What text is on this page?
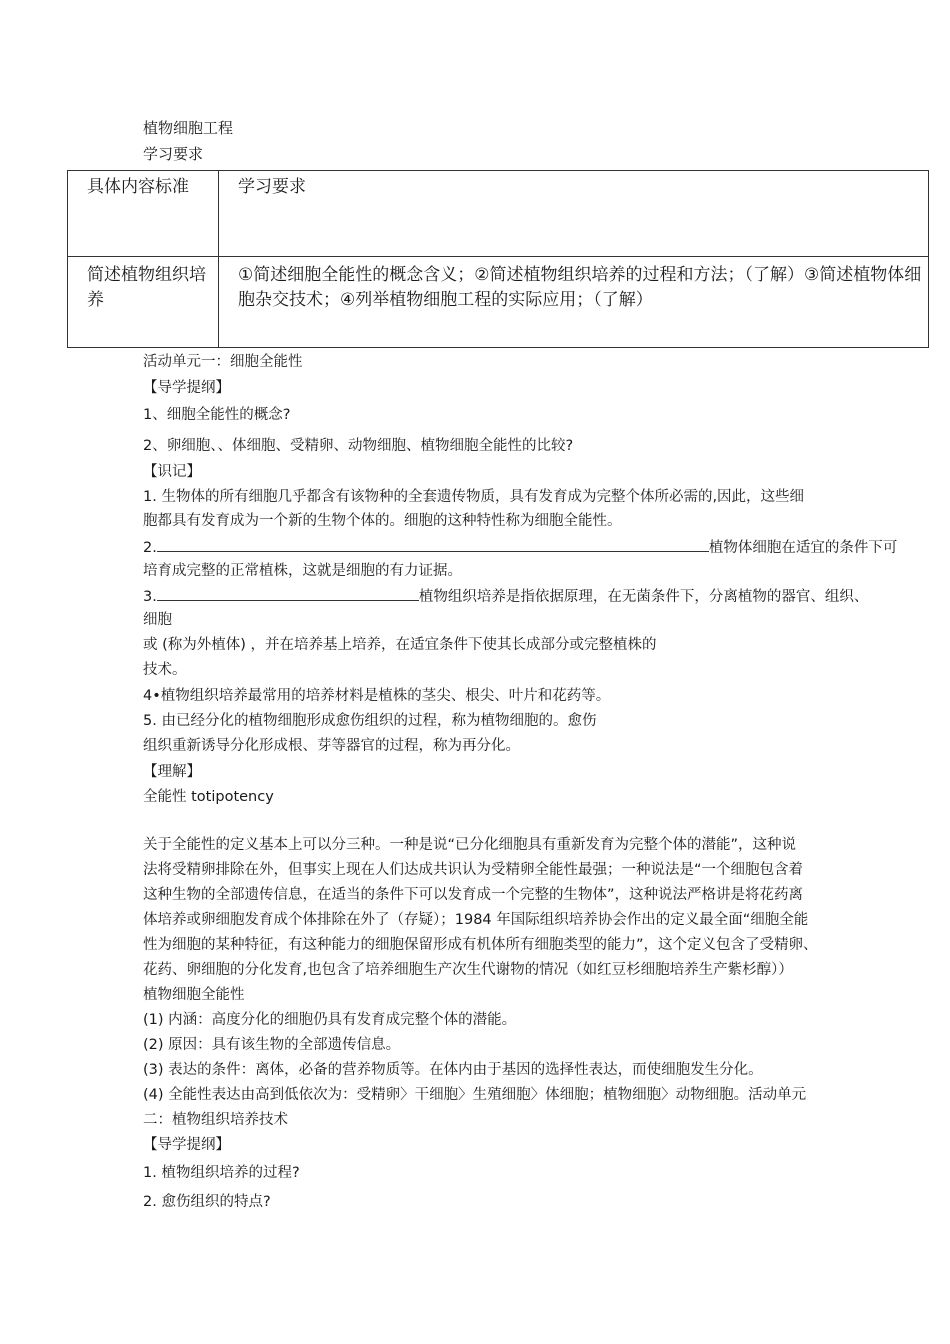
植物细胞工程
学习要求
具体内容标准	学习要求
简述植物组织培养	①简述细胞全能性的概念含义；②简述植物组织培养的过程和方法；（了解）③简述植物体细胞杂交技术；④列举植物细胞工程的实际应用；（了解）
活动单元一：细胞全能性
【导学提纲】
1、细胞全能性的概念?
2、卵细胞、、体细胞、受精卵、动物细胞、植物细胞全能性的比较?
【识记】
1. 生物体的所有细胞几乎都含有该物种的全套遗传物质，具有发育成为完整个体所必需的,因此，这些细
胞都具有发育成为一个新的生物个体的。细胞的这种特性称为细胞全能性。
2.	植物体细胞在适宜的条件下可
培育成完整的正常植株，这就是细胞的有力证据。
3.	植物组织培养是指依据原理，在无菌条件下，分离植物的器官、组织、
细胞
或 (称为外植体) ，并在培养基上培养，在适宜条件下使其长成部分或完整植株的
技术。
4•植物组织培养最常用的培养材料是植株的茎尖、根尖、叶片和花药等。
5. 由已经分化的植物细胞形成愈伤组织的过程，称为植物细胞的。愈伤
组织重新诱导分化形成根、芽等器官的过程，称为再分化。
【理解】
全能性 totipotency
关于全能性的定义基本上可以分三种。一种是说“已分化细胞具有重新发育为完整个体的潜能”，这种说
法将受精卵排除在外，但事实上现在人们达成共识认为受精卵全能性最强；一种说法是“一个细胞包含着
这种生物的全部遗传信息，在适当的条件下可以发育成一个完整的生物体”，这种说法严格讲是将花药离
体培养或卵细胞发育成个体排除在外了（存疑）；1984 年国际组织培养协会作出的定义最全面“细胞全能
性为细胞的某种特征，有这种能力的细胞保留形成有机体所有细胞类型的能力”，这个定义包含了受精卵、
花药、卵细胞的分化发育,也包含了培养细胞生产次生代谢物的情况（如红豆杉细胞培养生产紫杉醇））
植物细胞全能性
(1) 内涵：高度分化的细胞仍具有发育成完整个体的潜能。
(2) 原因：具有该生物的全部遗传信息。
(3) 表达的条件：离体，必备的营养物质等。在体内由于基因的选择性表达，而使细胞发生分化。
(4) 全能性表达由高到低依次为：受精卵〉干细胞〉生殖细胞〉体细胞；植物细胞〉动物细胞。活动单元
二：植物组织培养技术
【导学提纲】
1. 植物组织培养的过程?
2. 愈伤组织的特点?
